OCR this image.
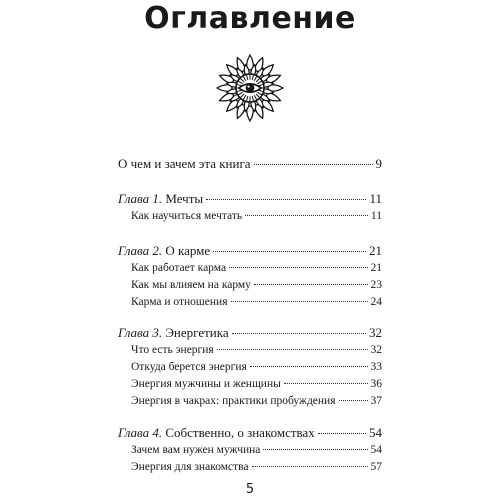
Оглавление
О чем и зачем эта книга	9
Глава 1. Мечты	11
Как научиться мечтать	11
Глава 2. О карме	21
Как работает карма	21
Как мы влияем на карму	23
Карма и отношения	24
Глава 3. Энергетика	32
Что есть энергия	32
Откуда берется энергия	33
Энергия мужчины и женщины	36
Энергия в чакрах: практики пробуждения	37
Глава 4. Собственно, о знакомствах	54
Зачем вам нужен мужчина	54
Энергия для знакомства	57
5
